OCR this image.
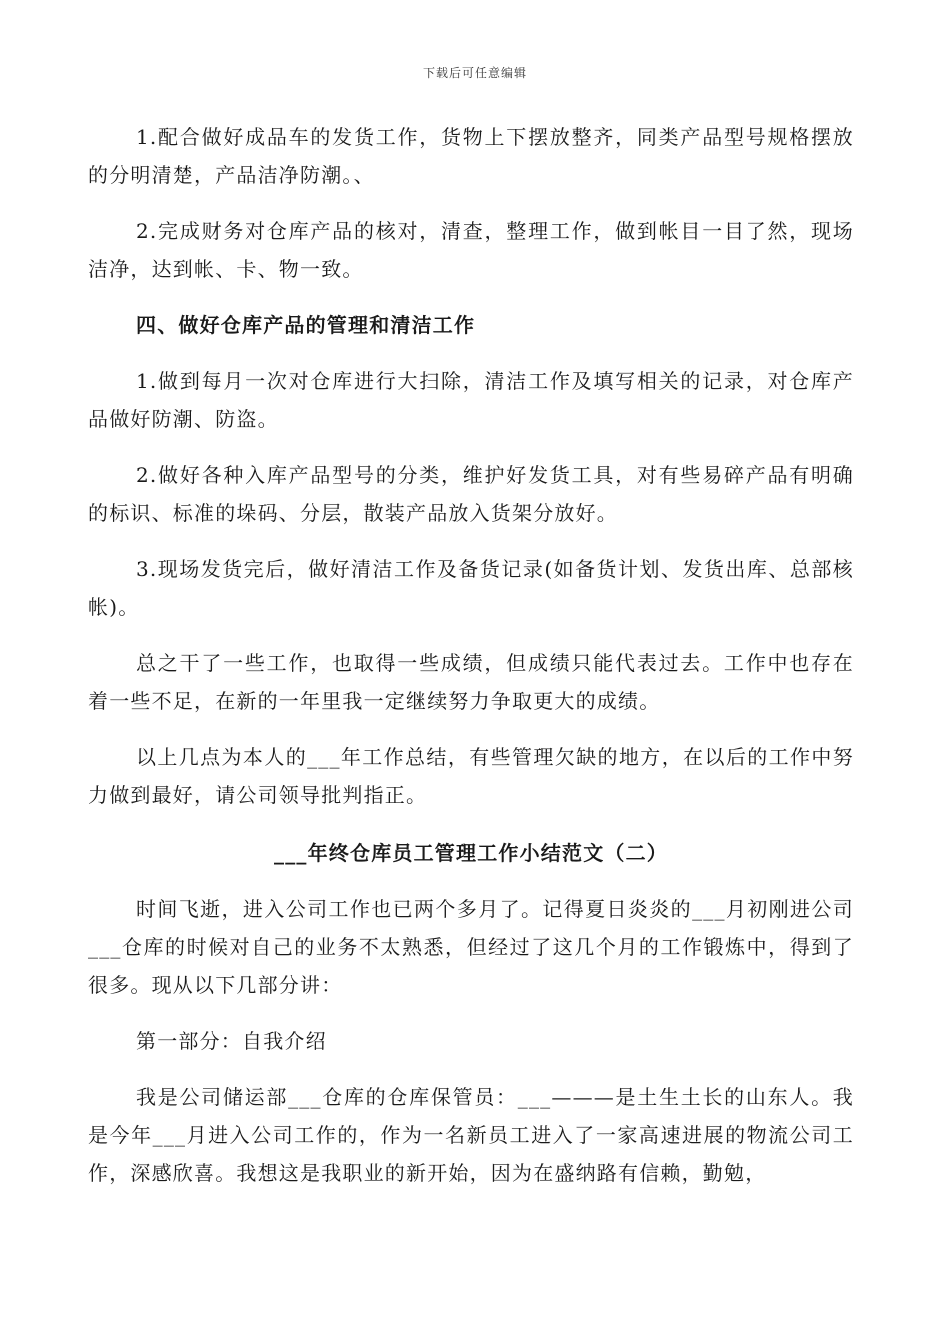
下载后可任意编辑

1.配合做好成品车的发货工作，货物上下摆放整齐，同类产品型号规格摆放的分明清楚，产品洁净防潮。、

2.完成财务对仓库产品的核对，清查，整理工作，做到帐目一目了然，现场洁净，达到帐、卡、物一致。

四、做好仓库产品的管理和清洁工作

1.做到每月一次对仓库进行大扫除，清洁工作及填写相关的记录，对仓库产品做好防潮、防盗。

2.做好各种入库产品型号的分类，维护好发货工具，对有些易碎产品有明确的标识、标准的垛码、分层，散装产品放入货架分放好。

3.现场发货完后，做好清洁工作及备货记录(如备货计划、发货出库、总部核帐)。

总之干了一些工作，也取得一些成绩，但成绩只能代表过去。工作中也存在着一些不足，在新的一年里我一定继续努力争取更大的成绩。

以上几点为本人的___年工作总结，有些管理欠缺的地方，在以后的工作中努力做到最好，请公司领导批判指正。

___年终仓库员工管理工作小结范文（二）

时间飞逝，进入公司工作也已两个多月了。记得夏日炎炎的___月初刚进公司___仓库的时候对自己的业务不太熟悉，但经过了这几个月的工作锻炼中，得到了很多。现从以下几部分讲：

第一部分：自我介绍

我是公司储运部___仓库的仓库保管员：___———是土生土长的山东人。我是今年___月进入公司工作的，作为一名新员工进入了一家高速进展的物流公司工作，深感欣喜。我想这是我职业的新开始，因为在盛纳路有信赖，勤勉，
